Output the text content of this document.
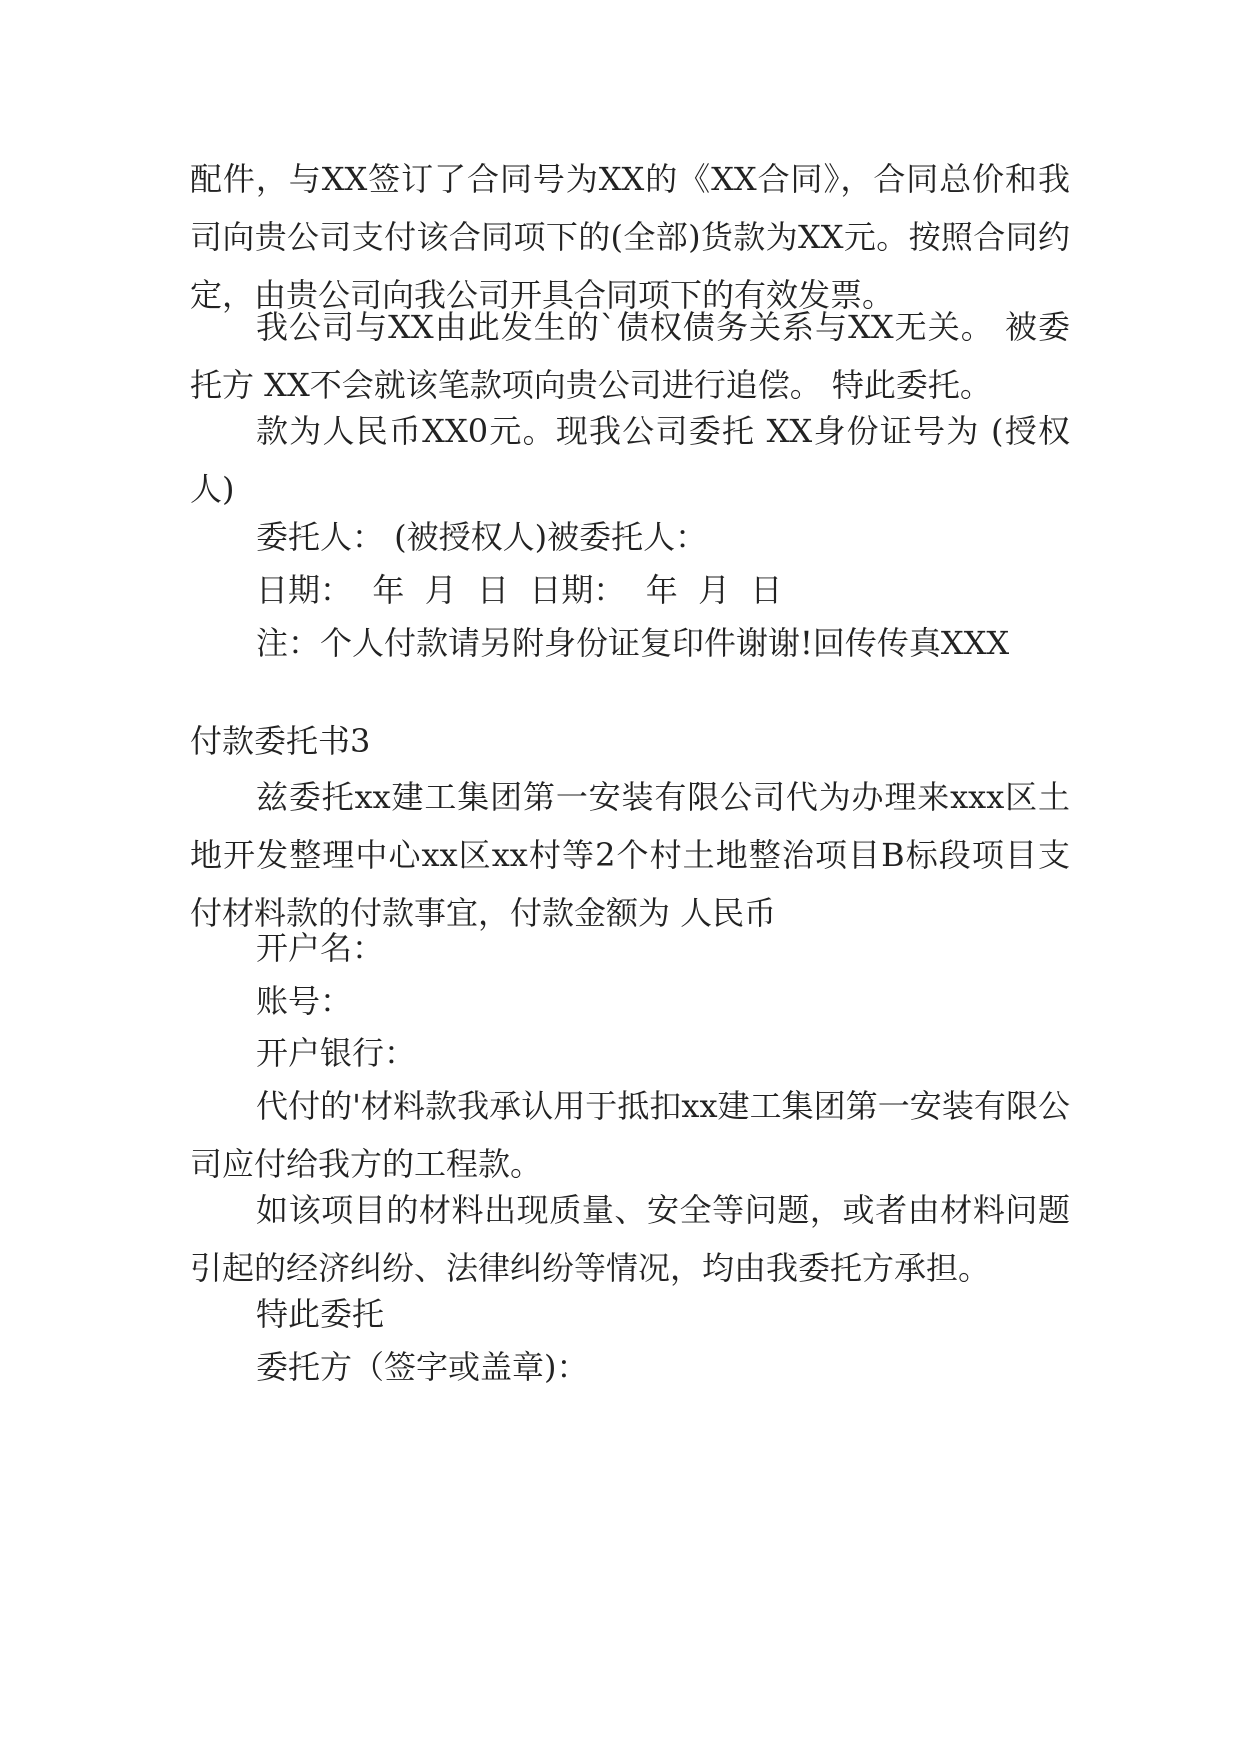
配件，与XX签订了合同号为XX的《XX合同》，合同总价和我司向贵公司支付该合同项下的(全部)货款为XX元。按照合同约定，由贵公司向我公司开具合同项下的有效发票。

我公司与XX由此发生的`债权债务关系与XX无关。 被委托方 XX不会就该笔款项向贵公司进行追偿。 特此委托。

款为人民币XX0元。现我公司委托 XX身份证号为 (授权人)

委托人： (被授权人)被委托人：

日期：  年  月  日  日期：  年  月  日

注：个人付款请另附身份证复印件谢谢!回传传真XXX

付款委托书3

兹委托xx建工集团第一安装有限公司代为办理来xxx区土地开发整理中心xx区xx村等2个村土地整治项目B标段项目支付材料款的付款事宜，付款金额为 人民币

开户名：

账号：

开户银行：

代付的'材料款我承认用于抵扣xx建工集团第一安装有限公司应付给我方的工程款。

如该项目的材料出现质量、安全等问题，或者由材料问题引起的经济纠纷、法律纠纷等情况，均由我委托方承担。

特此委托

委托方（签字或盖章)：
